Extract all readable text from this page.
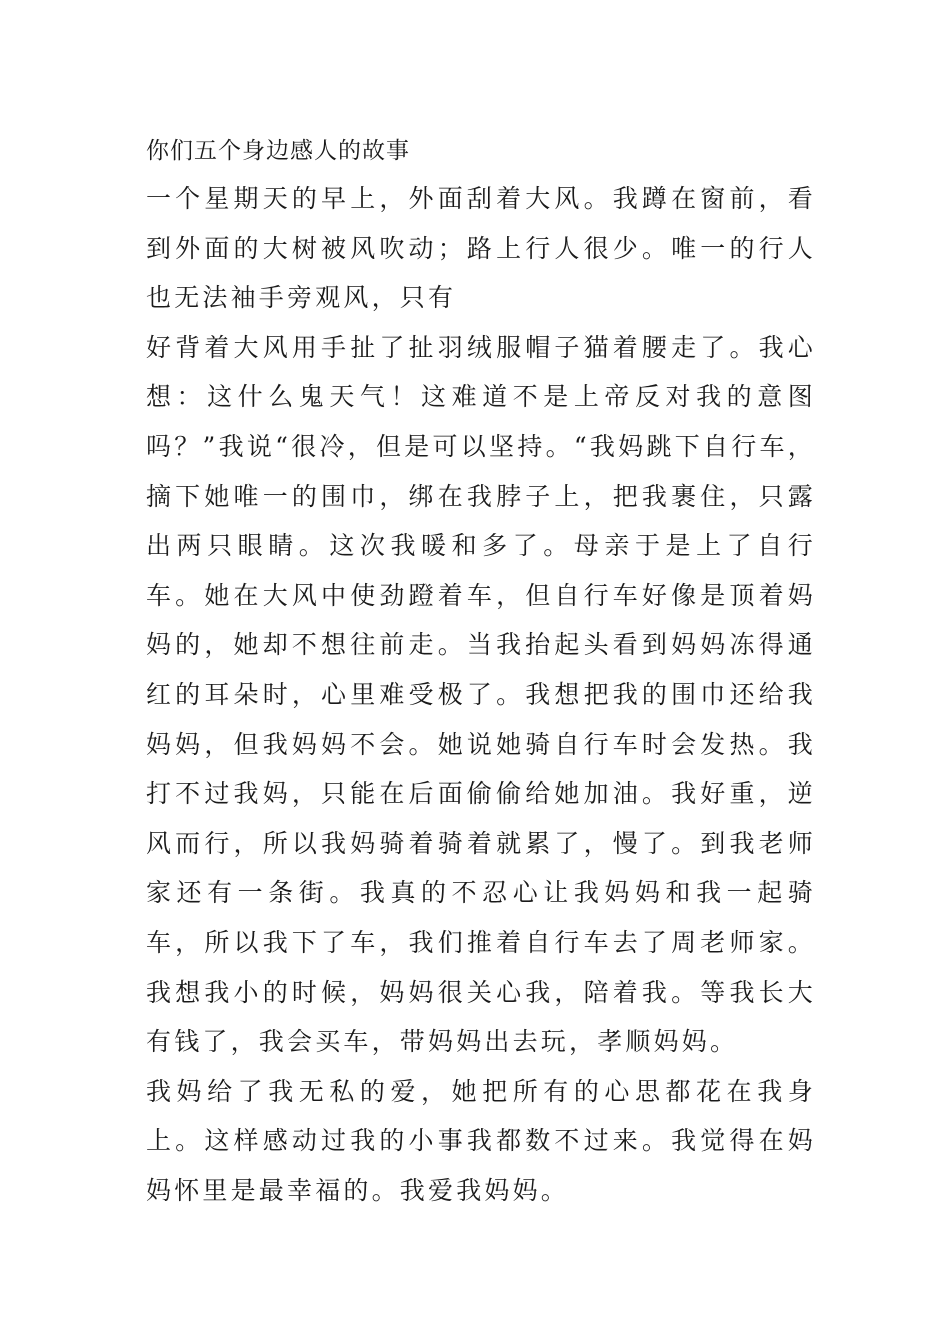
你们五个身边感人的故事

一个星期天的早上，外面刮着大风。我蹲在窗前，看到外面的大树被风吹动；路上行人很少。唯一的行人也无法袖手旁观风，只有

好背着大风用手扯了扯羽绒服帽子猫着腰走了。我心想：这什么鬼天气！这难道不是上帝反对我的意图吗？”我说“很冷，但是可以坚持。“我妈跳下自行车，摘下她唯一的围巾，绑在我脖子上，把我裹住，只露出两只眼睛。这次我暖和多了。母亲于是上了自行车。她在大风中使劲蹬着车，但自行车好像是顶着妈妈的，她却不想往前走。当我抬起头看到妈妈冻得通红的耳朵时，心里难受极了。我想把我的围巾还给我妈妈，但我妈妈不会。她说她骑自行车时会发热。我打不过我妈，只能在后面偷偷给她加油。我好重，逆风而行，所以我妈骑着骑着就累了，慢了。到我老师家还有一条街。我真的不忍心让我妈妈和我一起骑车，所以我下了车，我们推着自行车去了周老师家。我想我小的时候，妈妈很关心我，陪着我。等我长大有钱了，我会买车，带妈妈出去玩，孝顺妈妈。

我妈给了我无私的爱，她把所有的心思都花在我身上。这样感动过我的小事我都数不过来。我觉得在妈妈怀里是最幸福的。我爱我妈妈。
